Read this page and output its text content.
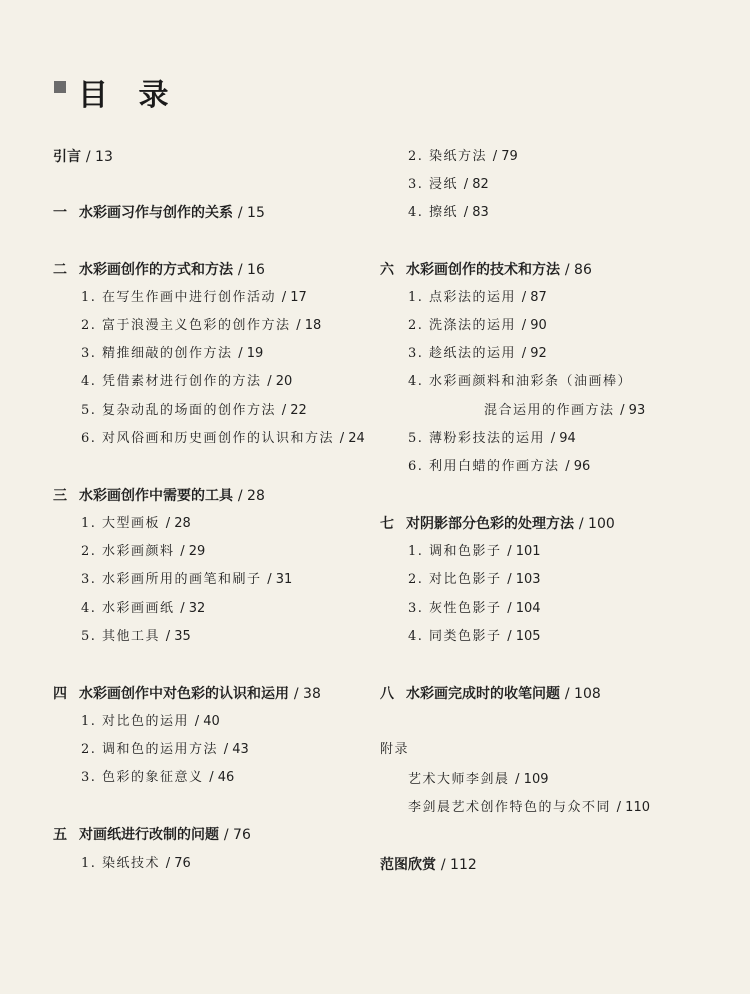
目 录
引言 / 13
一 水彩画习作与创作的关系 / 15
二 水彩画创作的方式和方法 / 16
1. 在写生作画中进行创作活动 / 17
2. 富于浪漫主义色彩的创作方法 / 18
3. 精推细敲的创作方法 / 19
4. 凭借素材进行创作的方法 / 20
5. 复杂动乱的场面的创作方法 / 22
6. 对风俗画和历史画创作的认识和方法 / 24
三 水彩画创作中需要的工具 / 28
1. 大型画板 / 28
2. 水彩画颜料 / 29
3. 水彩画所用的画笔和刷子 / 31
4. 水彩画画纸 / 32
5. 其他工具 / 35
四 水彩画创作中对色彩的认识和运用 / 38
1. 对比色的运用 / 40
2. 调和色的运用方法 / 43
3. 色彩的象征意义 / 46
五 对画纸进行改制的问题 / 76
1. 染纸技术 / 76
2. 染纸方法 / 79
3. 浸纸 / 82
4. 擦纸 / 83
六 水彩画创作的技术和方法 / 86
1. 点彩法的运用 / 87
2. 洗涤法的运用 / 90
3. 趁纸法的运用 / 92
4. 水彩画颜料和油彩条（油画棒）
混合运用的作画方法 / 93
5. 薄粉彩技法的运用 / 94
6. 利用白蜡的作画方法 / 96
七 对阴影部分色彩的处理方法 / 100
1. 调和色影子 / 101
2. 对比色影子 / 103
3. 灰性色影子 / 104
4. 同类色影子 / 105
八 水彩画完成时的收笔问题 / 108
附录
艺术大师李剑晨 / 109
李剑晨艺术创作特色的与众不同 / 110
范图欣赏 / 112
